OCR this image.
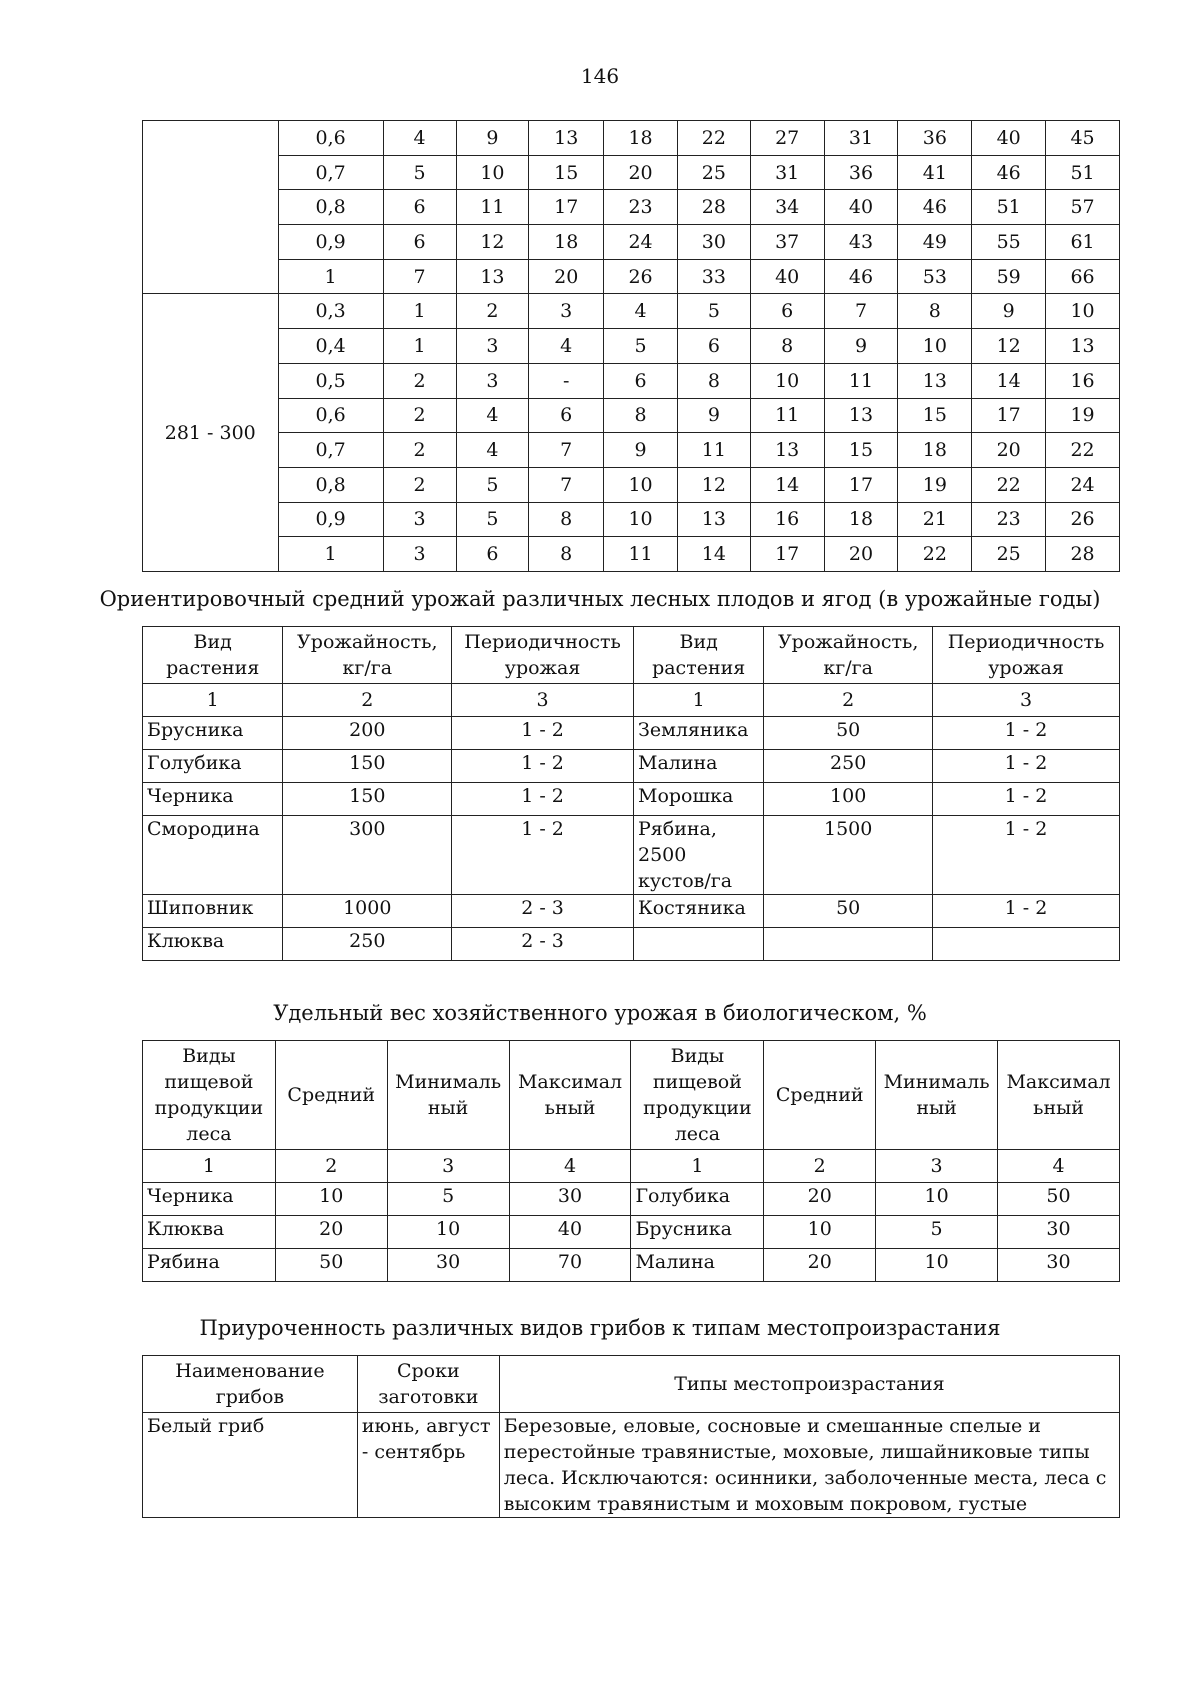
146
	0,6	4	9	13	18	22	27	31	36	40	45
	0,7	5	10	15	20	25	31	36	41	46	51
	0,8	6	11	17	23	28	34	40	46	51	57
	0,9	6	12	18	24	30	37	43	49	55	61
	1	7	13	20	26	33	40	46	53	59	66
281 - 300	0,3	1	2	3	4	5	6	7	8	9	10
	0,4	1	3	4	5	6	8	9	10	12	13
	0,5	2	3	-	6	8	10	11	13	14	16
	0,6	2	4	6	8	9	11	13	15	17	19
	0,7	2	4	7	9	11	13	15	18	20	22
	0,8	2	5	7	10	12	14	17	19	22	24
	0,9	3	5	8	10	13	16	18	21	23	26
	1	3	6	8	11	14	17	20	22	25	28
Ориентировочный средний урожай различных лесных плодов и ягод (в урожайные годы)
Вид растения	Урожайность, кг/га	Периодичность урожая	Вид растения	Урожайность, кг/га	Периодичность урожая
1	2	3	1	2	3
Брусника	200	1 - 2	Земляника	50	1 - 2
Голубика	150	1 - 2	Малина	250	1 - 2
Черника	150	1 - 2	Морошка	100	1 - 2
Смородина	300	1 - 2	Рябина, 2500 кустов/га	1500	1 - 2
Шиповник	1000	2 - 3	Костяника	50	1 - 2
Клюква	250	2 - 3			
Удельный вес хозяйственного урожая в биологическом, %
Виды пищевой продукции леса	Средний	Минималь ный	Максимал ьный	Виды пищевой продукции леса	Средний	Минималь ный	Максимал ьный
1	2	3	4	1	2	3	4
Черника	10	5	30	Голубика	20	10	50
Клюква	20	10	40	Брусника	10	5	30
Рябина	50	30	70	Малина	20	10	30
Приуроченность различных видов грибов к типам местопроизрастания
Наименование грибов	Сроки заготовки	Типы местопроизрастания
Белый гриб	июнь, август - сентябрь	Березовые, еловые, сосновые и смешанные спелые и перестойные травянистые, моховые, лишайниковые типы леса. Исключаются: осинники, заболоченные места, леса с высоким травянистым и моховым покровом, густые
